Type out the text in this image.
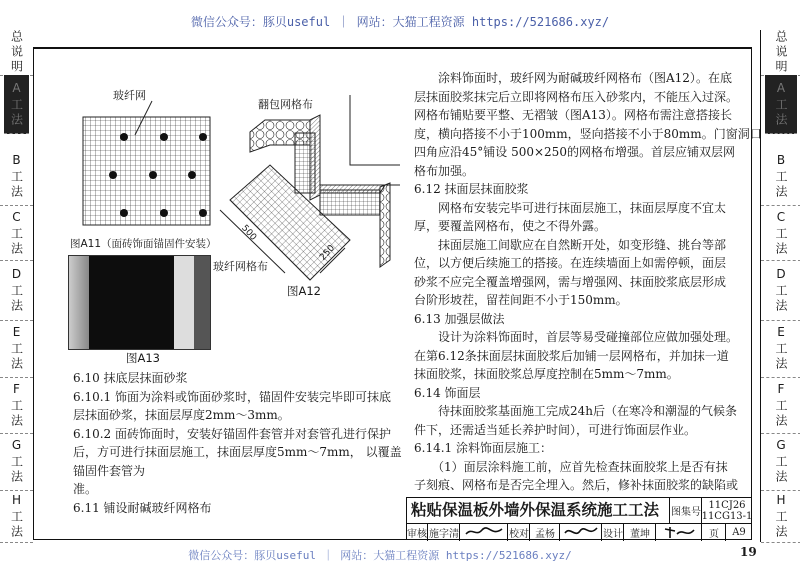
微信公众号：豚贝useful ｜ 网站：大猫工程资源 https://521686.xyz/
总说明
A工法
B工法
C工法
D工法
E工法
F工法
G工法
H工法
总说明
A工法
B工法
C工法
D工法
E工法
F工法
G工法
H工法
玻纤网
图A11（面砖饰面锚固件安装）
图A13
翻包网格布
玻纤网格布
500
250
图A12
6.10 抹底层抹面砂浆
6.10.1 饰面为涂料或饰面砂浆时，锚固件安装完毕即可抹底
层抹面砂浆，抹面层厚度2mm～3mm。
6.10.2 面砖饰面时，安装好锚固件套管并对套管孔进行保护
后，方可进行抹面层施工，抹面层厚度5mm～7mm， 以覆盖锚固件套管为
准。
6.11 铺设耐碱玻纤网格布
　　涂料饰面时，玻纤网为耐碱玻纤网格布（图A12）。在底
层抹面胶浆抹完后立即将网格布压入砂浆内，不能压入过深。
网格布铺贴要平整、无褶皱（图A13）。网格布需注意搭接长
度，横向搭接不小于100mm，竖向搭接不小于80mm。门窗洞口
四角应沿45°铺设 500×250的网格布增强。首层应铺双层网
格布加强。
6.12 抹面层抹面胶浆
　　网格布安装完毕可进行抹面层施工，抹面层厚度不宜太
厚，要覆盖网格布，使之不得外露。
　　抹面层施工间歇应在自然断开处，如变形缝、挑台等部
位，以方便后续施工的搭接。在连续墙面上如需停顿，面层
砂浆不应完全覆盖增强网，需与增强网、抹面胶浆底层形成
台阶形坡茬，留茬间距不小于150mm。
6.13 加强层做法
　　设计为涂料饰面时，首层等易受碰撞部位应做加强处理。
在第6.12条抹面层抹面胶浆后加铺一层网格布，并加抹一道
抹面胶浆，抹面胶浆总厚度控制在5mm～7mm。
6.14 饰面层
　　待抹面胶浆基面施工完成24h后（在寒冷和潮湿的气候条
件下，还需适当延长养护时间），可进行饰面层作业。
6.14.1 涂料饰面层施工：
　　（1）面层涂料施工前，应首先检查抹面胶浆上是否有抹
子刻痕、网格布是否完全埋入。然后，修补抹面胶浆的缺陷或
粘贴保温板外墙外保温系统施工工法 图集号
11CJ26
11CG13-1
审核 施字清	校对 孟杨	设计 董坤	页	A9
微信公众号：豚贝useful ｜ 网站：大猫工程资源 https://521686.xyz/	19
